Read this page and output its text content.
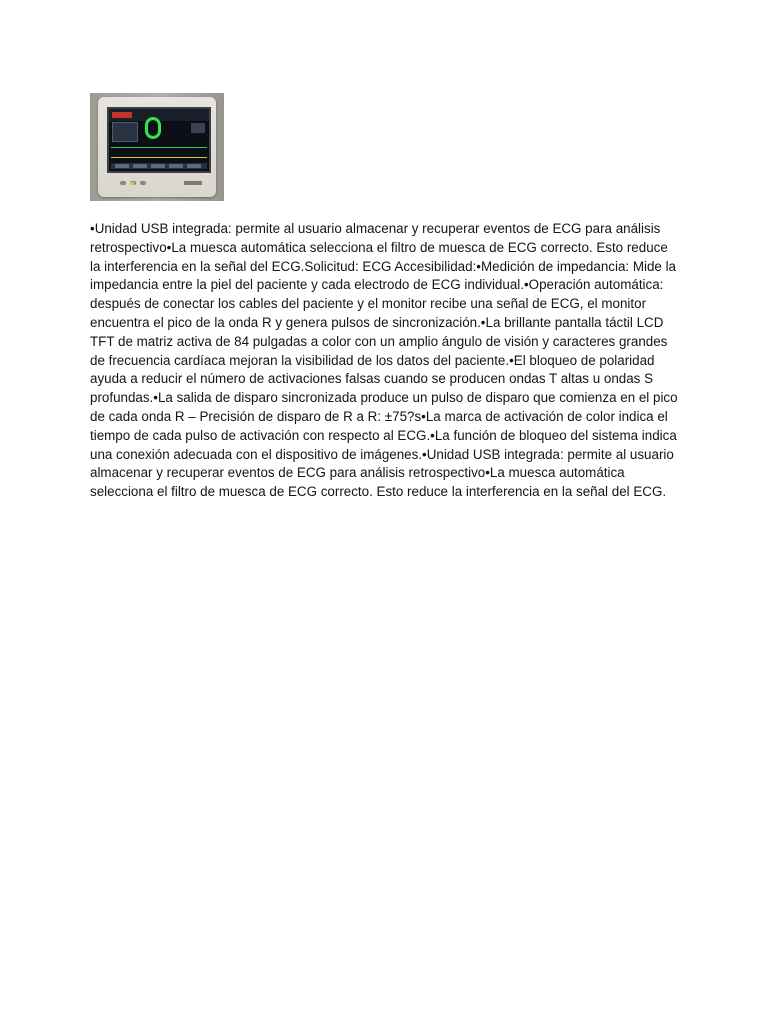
•Unidad USB integrada: permite al usuario almacenar y recuperar eventos de ECG para análisis retrospectivo•La muesca automática selecciona el filtro de muesca de ECG correcto. Esto reduce la interferencia en la señal del ECG.Solicitud: ECG Accesibilidad:•Medición de impedancia: Mide la impedancia entre la piel del paciente y cada electrodo de ECG individual.•Operación automática: después de conectar los cables del paciente y el monitor recibe una señal de ECG, el monitor encuentra el pico de la onda R y genera pulsos de sincronización.•La brillante pantalla táctil LCD TFT de matriz activa de 84 pulgadas a color con un amplio ángulo de visión y caracteres grandes de frecuencia cardíaca mejoran la visibilidad de los datos del paciente.•El bloqueo de polaridad ayuda a reducir el número de activaciones falsas cuando se producen ondas T altas u ondas S profundas.•La salida de disparo sincronizada produce un pulso de disparo que comienza en el pico de cada onda R – Precisión de disparo de R a R: ±75?s•La marca de activación de color indica el tiempo de cada pulso de activación con respecto al ECG.•La función de bloqueo del sistema indica una conexión adecuada con el dispositivo de imágenes.•Unidad USB integrada: permite al usuario almacenar y recuperar eventos de ECG para análisis retrospectivo•La muesca automática selecciona el filtro de muesca de ECG correcto. Esto reduce la interferencia en la señal del ECG.
